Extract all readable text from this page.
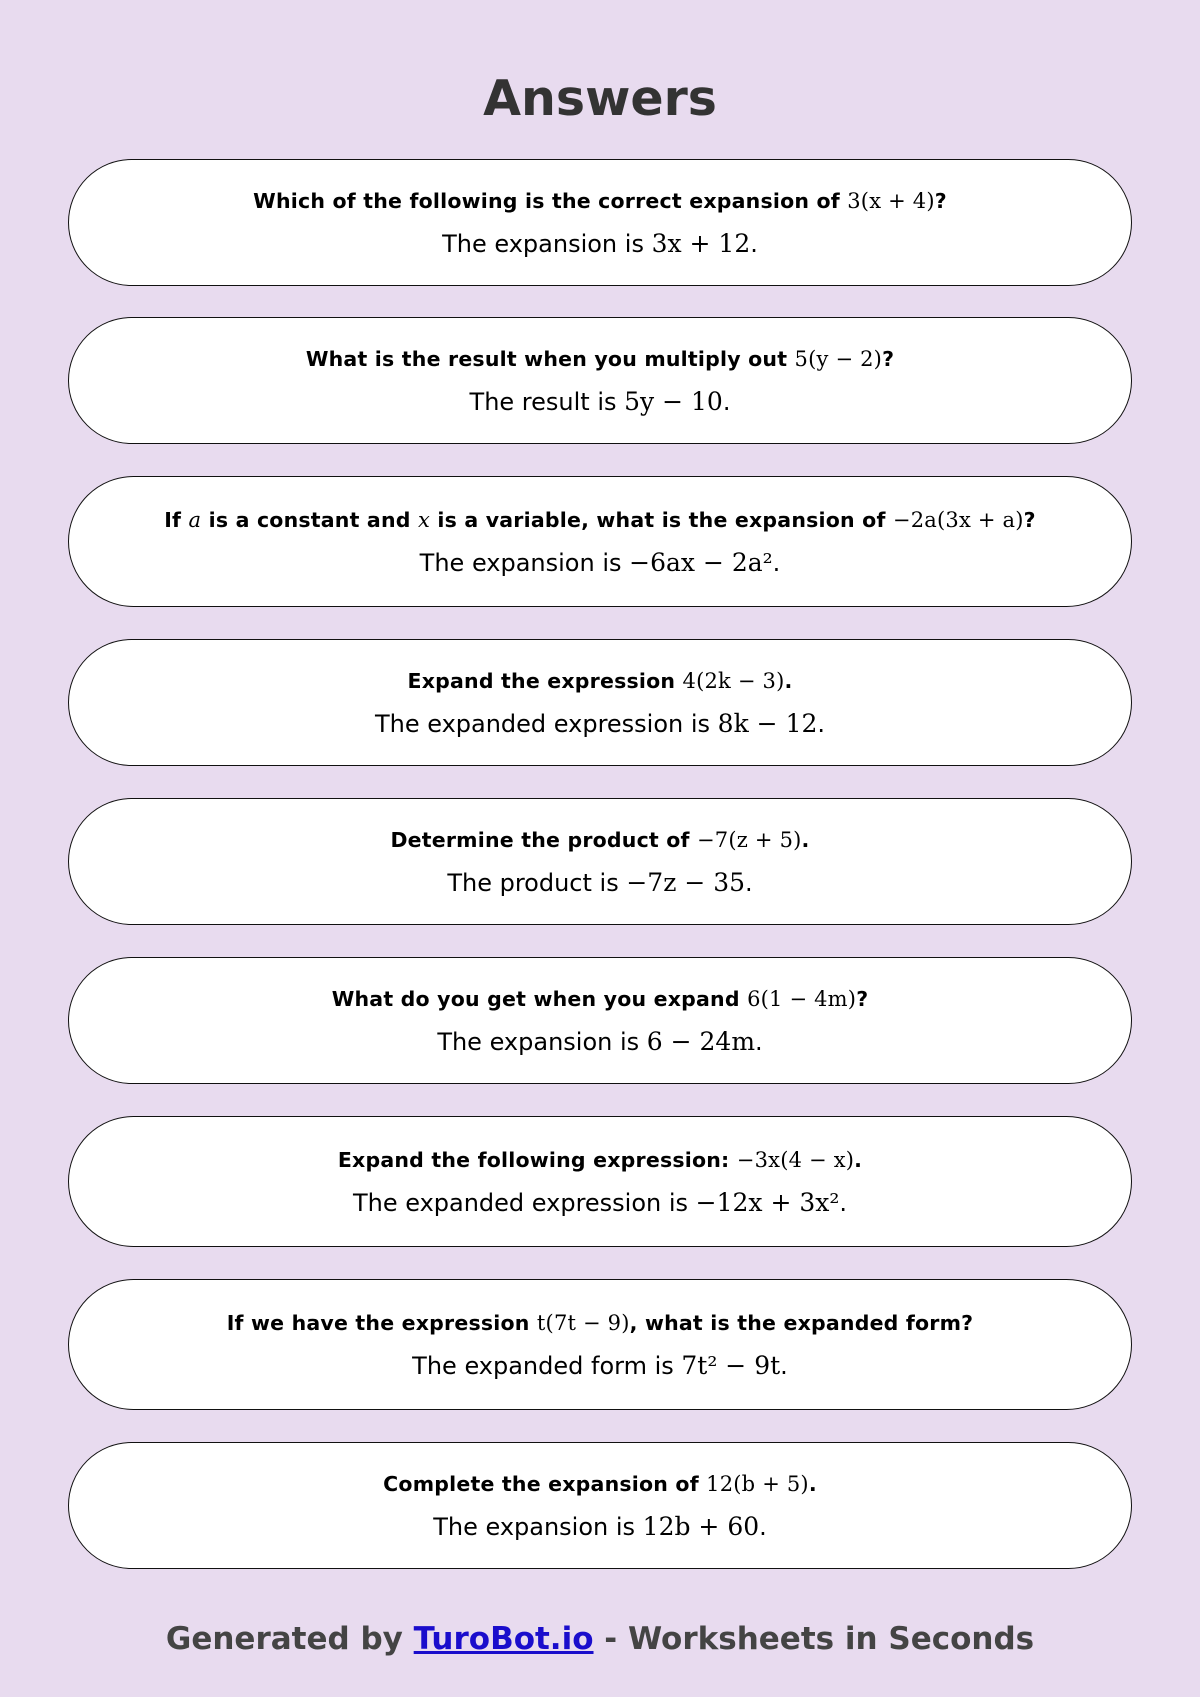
Answers
Which of the following is the correct expansion of 3(x + 4)?
The expansion is 3x + 12.
What is the result when you multiply out 5(y − 2)?
The result is 5y − 10.
If a is a constant and x is a variable, what is the expansion of −2a(3x + a)?
The expansion is −6ax − 2a².
Expand the expression 4(2k − 3).
The expanded expression is 8k − 12.
Determine the product of −7(z + 5).
The product is −7z − 35.
What do you get when you expand 6(1 − 4m)?
The expansion is 6 − 24m.
Expand the following expression: −3x(4 − x).
The expanded expression is −12x + 3x².
If we have the expression t(7t − 9), what is the expanded form?
The expanded form is 7t² − 9t.
Complete the expansion of 12(b + 5).
The expansion is 12b + 60.
Generated by TuroBot.io - Worksheets in Seconds
